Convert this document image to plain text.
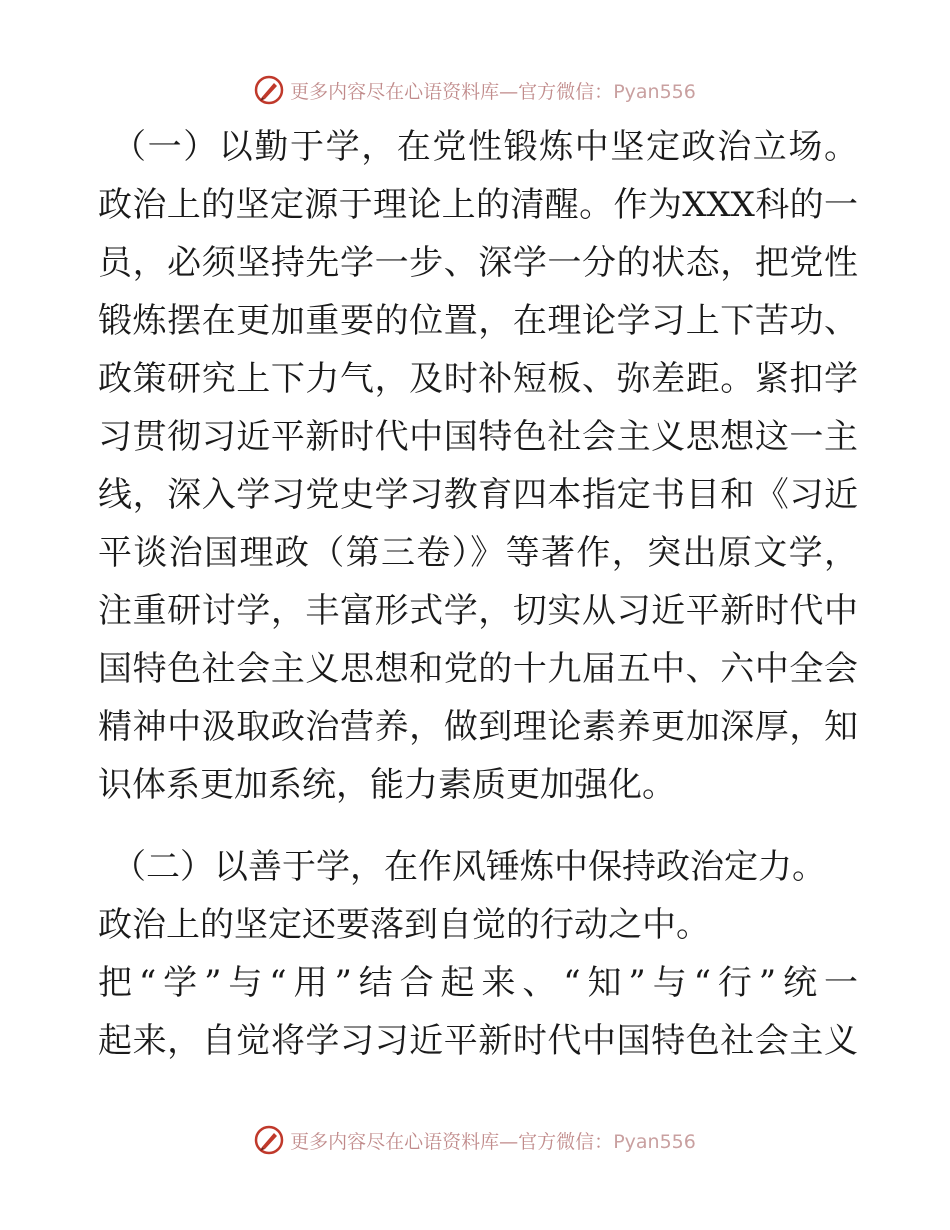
更多内容尽在心语资料库—官方微信：Pyan556
（一）以勤于学，在党性锻炼中坚定政治立场。
政治上的坚定源于理论上的清醒。作为XXX科的一
员，必须坚持先学一步、深学一分的状态，把党性
锻炼摆在更加重要的位置，在理论学习上下苦功、
政策研究上下力气，及时补短板、弥差距。紧扣学
习贯彻习近平新时代中国特色社会主义思想这一主
线，深入学习党史学习教育四本指定书目和《习近
平谈治国理政（第三卷）》等著作，突出原文学，
注重研讨学，丰富形式学，切实从习近平新时代中
国特色社会主义思想和党的十九届五中、六中全会
精神中汲取政治营养，做到理论素养更加深厚，知
识体系更加系统，能力素质更加强化。
（二）以善于学，在作风锤炼中保持政治定力。
政治上的坚定还要落到自觉的行动之中。
把“学”与“用”结合起来、“知”与“行”统一
起来，自觉将学习习近平新时代中国特色社会主义
更多内容尽在心语资料库—官方微信：Pyan556
